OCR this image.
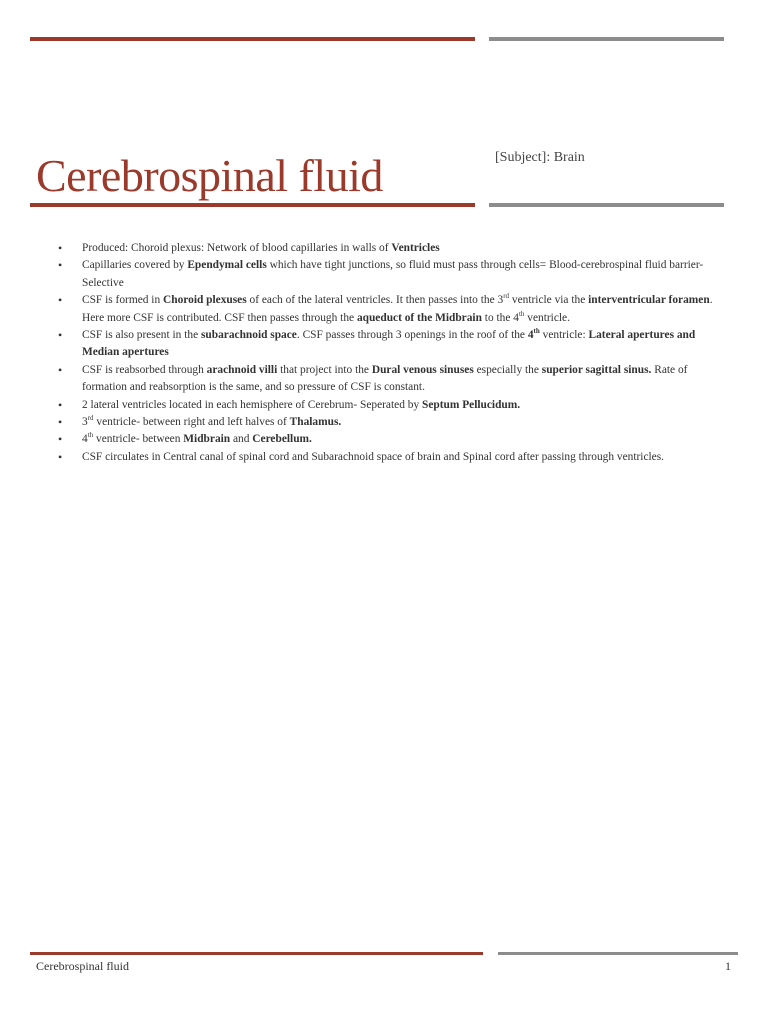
Cerebrospinal fluid	[Subject]: Brain
• Produced: Choroid plexus: Network of blood capillaries in walls of Ventricles
• Capillaries covered by Ependymal cells which have tight junctions, so fluid must pass through cells= Blood-cerebrospinal fluid barrier- Selective
• CSF is formed in Choroid plexuses of each of the lateral ventricles. It then passes into the 3rd ventricle via the interventricular foramen. Here more CSF is contributed. CSF then passes through the aqueduct of the Midbrain to the 4th ventricle.
• CSF is also present in the subarachnoid space. CSF passes through 3 openings in the roof of the 4th ventricle: Lateral apertures and Median apertures
• CSF is reabsorbed through arachnoid villi that project into the Dural venous sinuses especially the superior sagittal sinus. Rate of formation and reabsorption is the same, and so pressure of CSF is constant.
• 2 lateral ventricles located in each hemisphere of Cerebrum- Seperated by Septum Pellucidum.
• 3rd ventricle- between right and left halves of Thalamus.
• 4th ventricle- between Midbrain and Cerebellum.
• CSF circulates in Central canal of spinal cord and Subarachnoid space of brain and Spinal cord after passing through ventricles.
Cerebrospinal fluid	1
